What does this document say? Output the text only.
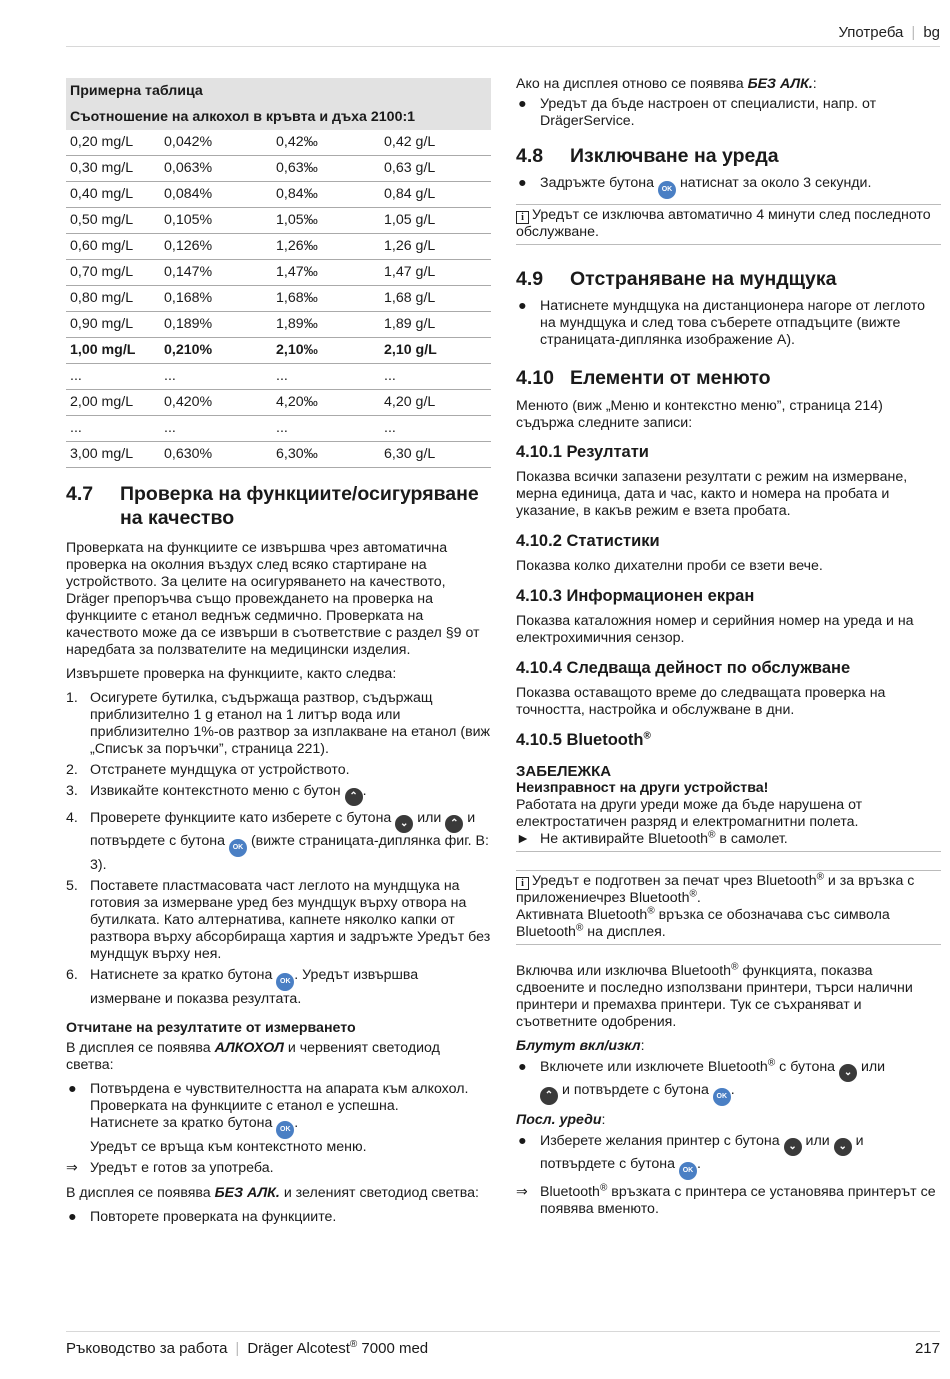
Употреба | bg
Примерна таблица			
Съотношение на алкохол в кръвта и дъха 2100:1			
0,20 mg/L	0,042%	0,42‰	0,42 g/L
0,30 mg/L	0,063%	0,63‰	0,63 g/L
0,40 mg/L	0,084%	0,84‰	0,84 g/L
0,50 mg/L	0,105%	1,05‰	1,05 g/L
0,60 mg/L	0,126%	1,26‰	1,26 g/L
0,70 mg/L	0,147%	1,47‰	1,47 g/L
0,80 mg/L	0,168%	1,68‰	1,68 g/L
0,90 mg/L	0,189%	1,89‰	1,89 g/L
1,00 mg/L	0,210%	2,10‰	2,10 g/L
...	...	...	...
2,00 mg/L	0,420%	4,20‰	4,20 g/L
...	...	...	...
3,00 mg/L	0,630%	6,30‰	6,30 g/L
4.7	Проверка на функциите/осигуряване на качество

Проверката на функциите се извършва чрез автоматична проверка на околния въздух след всяко стартиране на устройството. За целите на осигуряването на качеството, Dräger препоръчва също провеждането на проверка на функциите с етанол веднъж седмично. Проверката на качеството може да се извърши в съответствие с раздел §9 от наредбата за ползвателите на медицински изделия.

Извършете проверка на функциите, както следва:

1. Осигурете бутилка, съдържаща разтвор, съдържащ приблизително 1 g етанол на 1 литър вода или приблизително 1%-ов разтвор за изплакване на етанол (виж „Списък за поръчки”, страница 221).
2. Отстранете мундщука от устройството.
3. Извикайте контекстното меню с бутон ⌃ .
4. Проверете функциите като изберете с бутона ⌄ или ⌃ и потвърдете с бутона OK (вижте страницата-диплянка фиг. B: 3).
5. Поставете пластмасовата част леглото на мундщука на готовия за измерване уред без мундщук върху отвора на бутилката. Като алтернатива, капнете няколко капки от разтвора върху абсорбираща хартия и задръжте Уредът без мундщук върху нея.
6. Натиснете за кратко бутона OK . Уредът извършва измерване и показва резултата.

Отчитане на резултатите от измерването

В дисплея се появява АЛКОХОЛ и червеният светодиод светва:

● Потвърдена е чувствителността на апарата към алкохол. Проверката на функциите с етанол е успешна.
Натиснете за кратко бутона OK .
Уредът се връща към контекстното меню.
⇒ Уредът е готов за употреба.

В дисплея се появява БЕЗ АЛК. и зеленият светодиод светва:

● Повторете проверката на функциите.

Ако на дисплея отново се появява БЕЗ АЛК.:

● Уредът да бъде настроен от специалисти, напр. от DrägerService.
4.8	Изключване на уреда
● Задръжте бутона OK натиснат за около 3 секунди.
i Уредът се изключва автоматично 4 минути след последното обслужване.
4.9	Отстраняване на мундщука
● Натиснете мундщука на дистанционера нагоре от леглото на мундщука и след това съберете отпадъците (вижте страницата-диплянка изображение A).
4.10 Елементи от менюто

Менюто (виж „Меню и контекстно меню”, страница 214) съдържа следните записи:

4.10.1 Резултати

Показва всички запазени резултати с режим на измерване, мерна единица, дата и час, както и номера на пробата и указание, в какъв режим е взета пробата.

4.10.2 Статистики

Показва колко дихателни проби се взети вече.

4.10.3 Информационен екран

Показва каталожния номер и серийния номер на уреда и на електрохимичния сензор.

4.10.4 Следваща дейност по обслужване

Показва оставащото време до следващата проверка на точността, настройка и обслужване в дни.

4.10.5 Bluetooth®
ЗАБЕЛЕЖКА
Неизправност на други устройства!
Работата на други уреди може да бъде нарушена от електростатичен разряд и електромагнитни полета.
► Не активирайте Bluetooth® в самолет.
i Уредът е подготвен за печат чрез Bluetooth® и за връзка с приложениечрез Bluetooth®.
Активната Bluetooth® връзка се обозначава със символа Bluetooth® на дисплея.

Включва или изключва Bluetooth® функцията, показва сдвоените и последно използвани принтери, търси налични принтери и премахва принтери. Тук се съхраняват и съответните одобрения.

Блутут вкл/изкл:

● Включете или изключете Bluetooth® с бутона ⌄ или
⌃ и потвърдете с бутона OK .

Посл. уреди:

● Изберете желания принтер с бутона ⌄ или ⌄ и потвърдете с бутона OK .
⇒ Bluetooth® връзката с принтера се установява принтерът се появява вменюто.
Ръководство за работа | Dräger Alcotest® 7000 med	217
